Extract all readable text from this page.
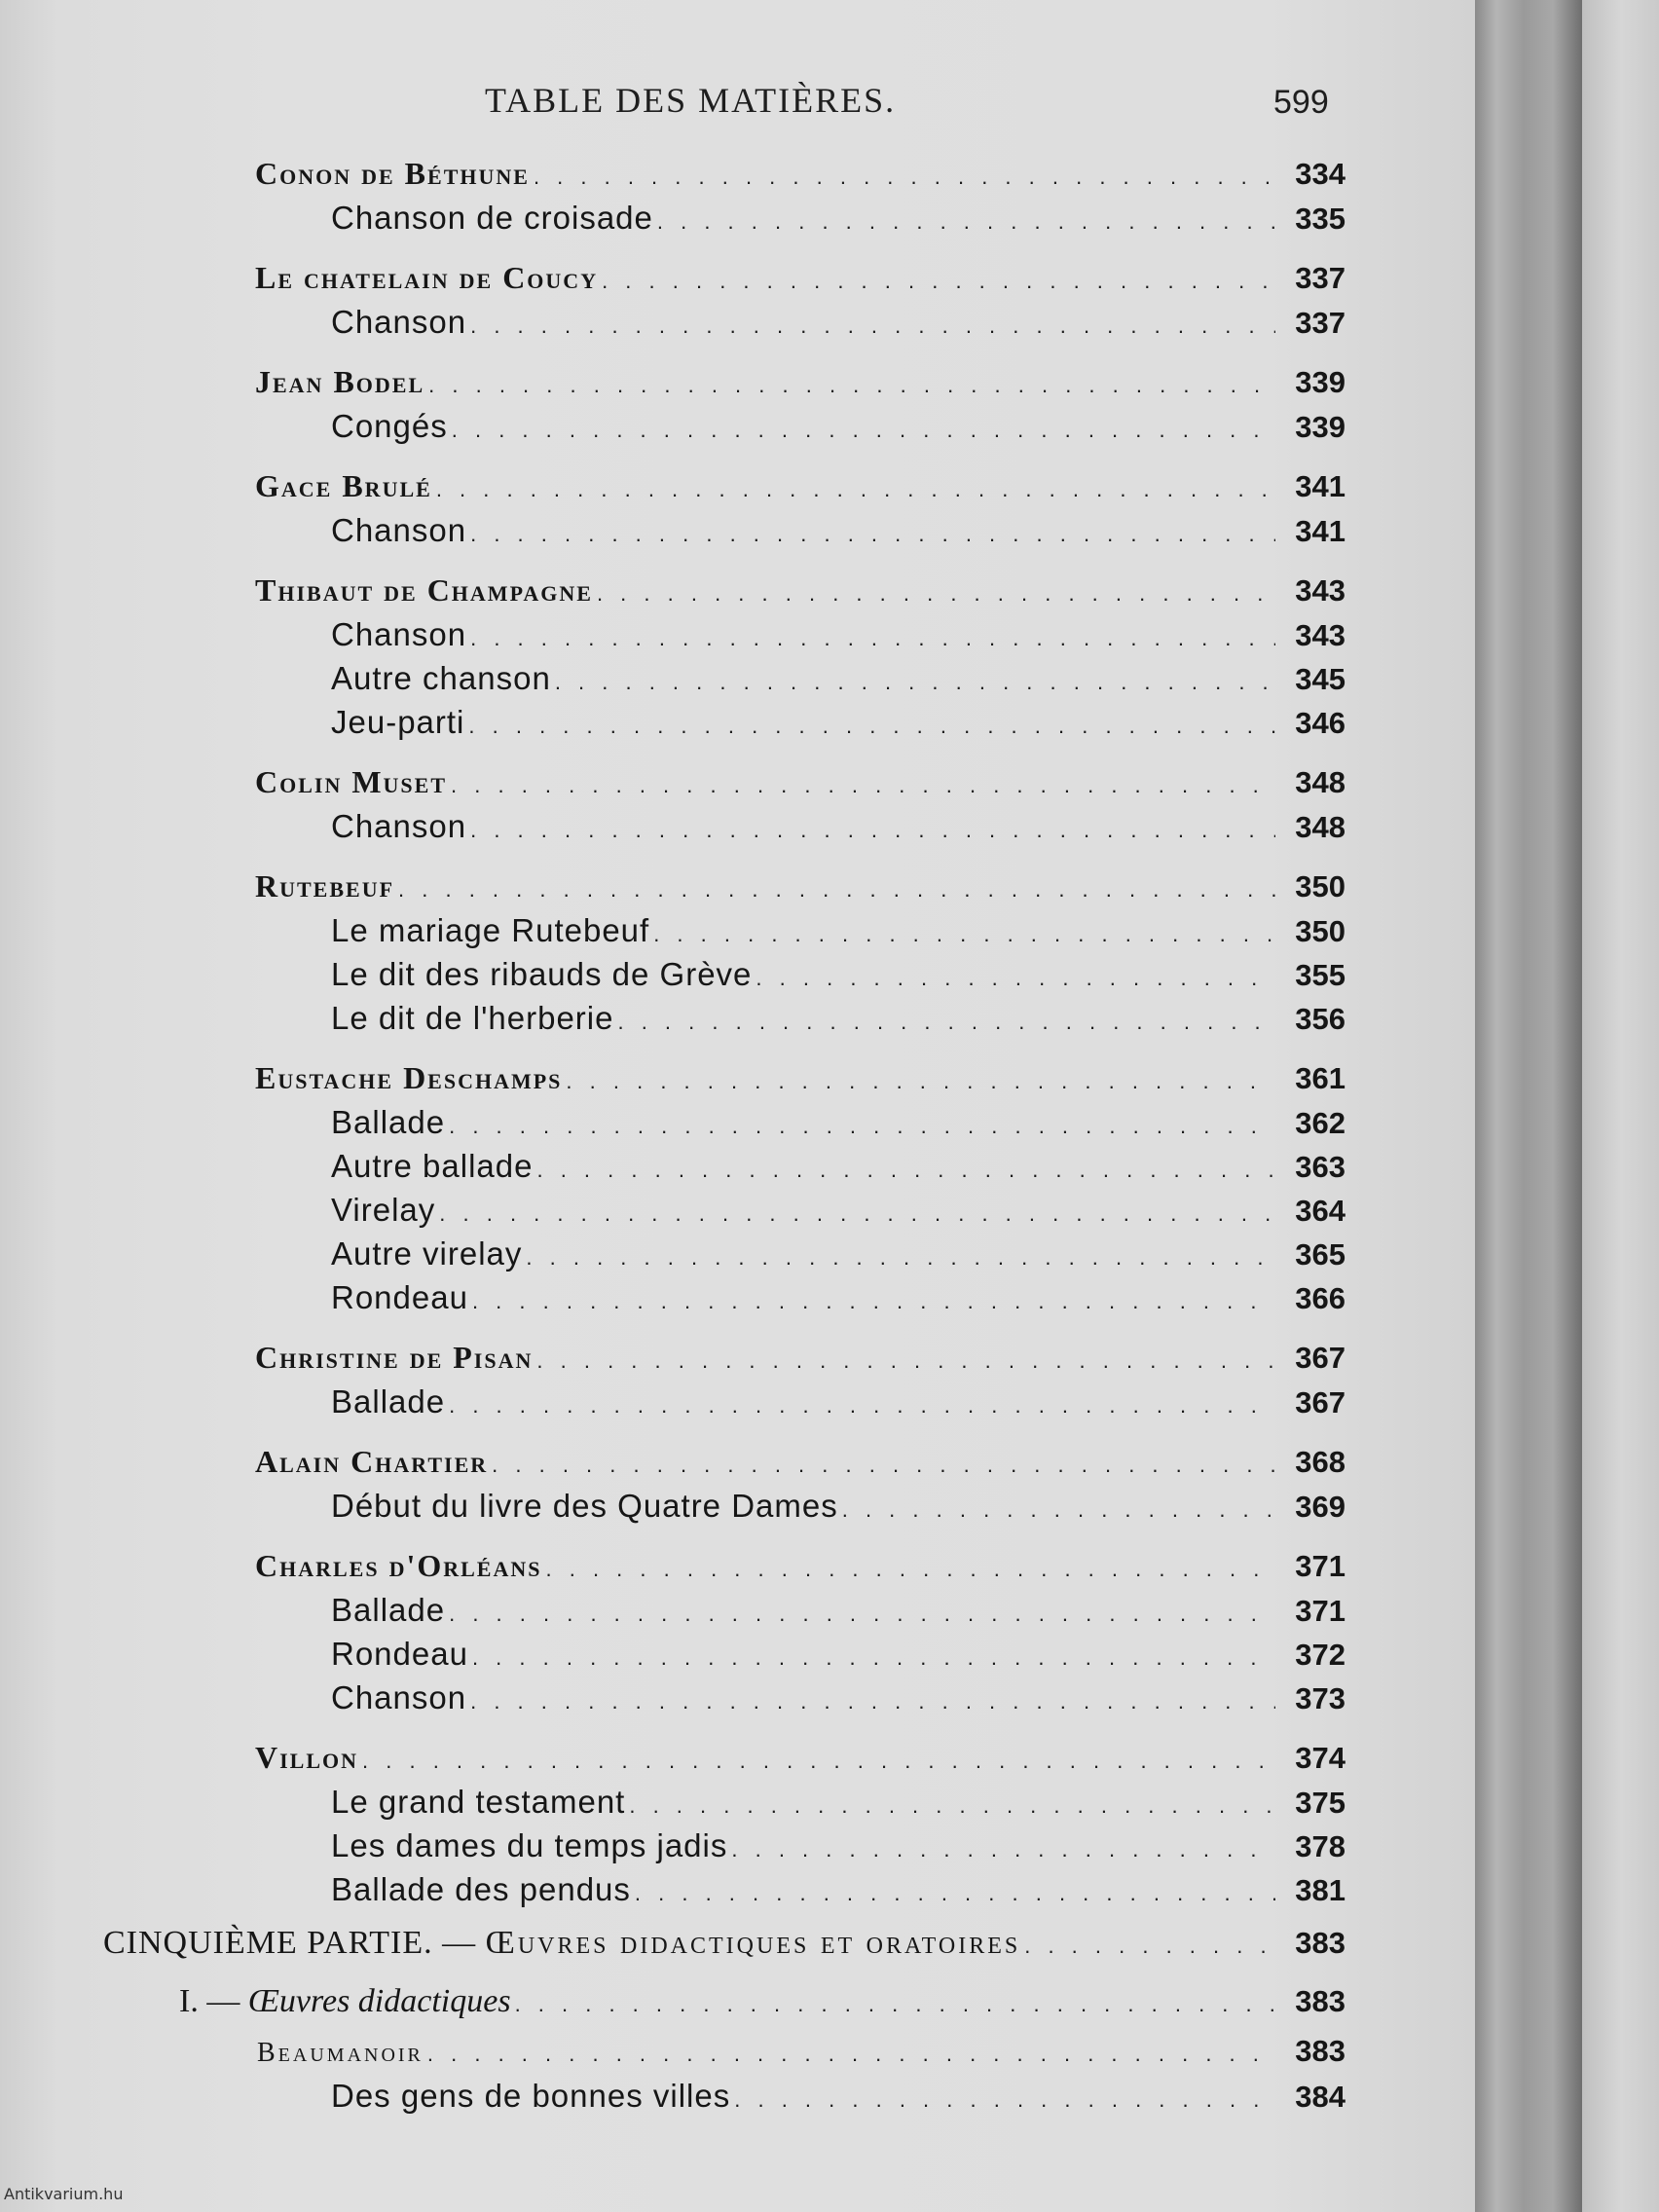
TABLE DES MATIÈRES.	599
Conon de Béthune . . .	334
Chanson de croisade . . .	335
Le chatelain de Coucy . . .	337
Chanson . . .	337
Jean Bodel . . .	339
Congés . . .	339
Gace Brulé . . .	341
Chanson . . .	341
Thibaut de Champagne . . .	343
Chanson . . .	343
Autre chanson . . .	345
Jeu-parti . . .	346
Colin Muset . . .	348
Chanson . . .	348
Rutebeuf . . .	350
Le mariage Rutebeuf . . .	350
Le dit des ribauds de Grève . . .	355
Le dit de l'herberie . . .	356
Eustache Deschamps . . .	361
Ballade . . .	362
Autre ballade . . .	363
Virelay . . .	364
Autre virelay . . .	365
Rondeau . . .	366
Christine de Pisan . . .	367
Ballade . . .	367
Alain Chartier . . .	368
Début du livre des Quatre Dames . . .	369
Charles d'Orléans . . .	371
Ballade . . .	371
Rondeau . . .	372
Chanson . . .	373
Villon . . .	374
Le grand testament . . .	375
Les dames du temps jadis . . .	378
Ballade des pendus . . .	381
CINQUIÈME PARTIE. — Œuvres didactiques et oratoires . . .	383
I. — Œuvres didactiques . . .	383
Beaumanoir . . .	383
Des gens de bonnes villes . . .	384
Antikvarium.hu
